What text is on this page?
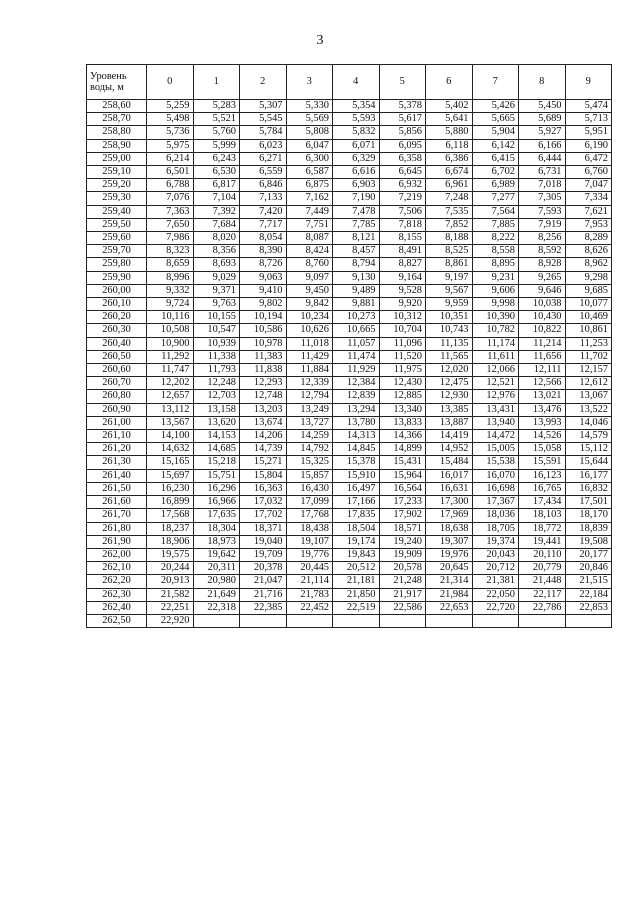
3
Уровень воды, м	0	1	2	3	4	5	6	7	8	9
258,60	5,259	5,283	5,307	5,330	5,354	5,378	5,402	5,426	5,450	5,474
258,70	5,498	5,521	5,545	5,569	5,593	5,617	5,641	5,665	5,689	5,713
258,80	5,736	5,760	5,784	5,808	5,832	5,856	5,880	5,904	5,927	5,951
258,90	5,975	5,999	6,023	6,047	6,071	6,095	6,118	6,142	6,166	6,190
259,00	6,214	6,243	6,271	6,300	6,329	6,358	6,386	6,415	6,444	6,472
259,10	6,501	6,530	6,559	6,587	6,616	6,645	6,674	6,702	6,731	6,760
259,20	6,788	6,817	6,846	6,875	6,903	6,932	6,961	6,989	7,018	7,047
259,30	7,076	7,104	7,133	7,162	7,190	7,219	7,248	7,277	7,305	7,334
259,40	7,363	7,392	7,420	7,449	7,478	7,506	7,535	7,564	7,593	7,621
259,50	7,650	7,684	7,717	7,751	7,785	7,818	7,852	7,885	7,919	7,953
259,60	7,986	8,020	8,054	8,087	8,121	8,155	8,188	8,222	8,256	8,289
259,70	8,323	8,356	8,390	8,424	8,457	8,491	8,525	8,558	8,592	8,626
259,80	8,659	8,693	8,726	8,760	8,794	8,827	8,861	8,895	8,928	8,962
259,90	8,996	9,029	9,063	9,097	9,130	9,164	9,197	9,231	9,265	9,298
260,00	9,332	9,371	9,410	9,450	9,489	9,528	9,567	9,606	9,646	9,685
260,10	9,724	9,763	9,802	9,842	9,881	9,920	9,959	9,998	10,038	10,077
260,20	10,116	10,155	10,194	10,234	10,273	10,312	10,351	10,390	10,430	10,469
260,30	10,508	10,547	10,586	10,626	10,665	10,704	10,743	10,782	10,822	10,861
260,40	10,900	10,939	10,978	11,018	11,057	11,096	11,135	11,174	11,214	11,253
260,50	11,292	11,338	11,383	11,429	11,474	11,520	11,565	11,611	11,656	11,702
260,60	11,747	11,793	11,838	11,884	11,929	11,975	12,020	12,066	12,111	12,157
260,70	12,202	12,248	12,293	12,339	12,384	12,430	12,475	12,521	12,566	12,612
260,80	12,657	12,703	12,748	12,794	12,839	12,885	12,930	12,976	13,021	13,067
260,90	13,112	13,158	13,203	13,249	13,294	13,340	13,385	13,431	13,476	13,522
261,00	13,567	13,620	13,674	13,727	13,780	13,833	13,887	13,940	13,993	14,046
261,10	14,100	14,153	14,206	14,259	14,313	14,366	14,419	14,472	14,526	14,579
261,20	14,632	14,685	14,739	14,792	14,845	14,899	14,952	15,005	15,058	15,112
261,30	15,165	15,218	15,271	15,325	15,378	15,431	15,484	15,538	15,591	15,644
261,40	15,697	15,751	15,804	15,857	15,910	15,964	16,017	16,070	16,123	16,177
261,50	16,230	16,296	16,363	16,430	16,497	16,564	16,631	16,698	16,765	16,832
261,60	16,899	16,966	17,032	17,099	17,166	17,233	17,300	17,367	17,434	17,501
261,70	17,568	17,635	17,702	17,768	17,835	17,902	17,969	18,036	18,103	18,170
261,80	18,237	18,304	18,371	18,438	18,504	18,571	18,638	18,705	18,772	18,839
261,90	18,906	18,973	19,040	19,107	19,174	19,240	19,307	19,374	19,441	19,508
262,00	19,575	19,642	19,709	19,776	19,843	19,909	19,976	20,043	20,110	20,177
262,10	20,244	20,311	20,378	20,445	20,512	20,578	20,645	20,712	20,779	20,846
262,20	20,913	20,980	21,047	21,114	21,181	21,248	21,314	21,381	21,448	21,515
262,30	21,582	21,649	21,716	21,783	21,850	21,917	21,984	22,050	22,117	22,184
262,40	22,251	22,318	22,385	22,452	22,519	22,586	22,653	22,720	22,786	22,853
262,50	22,920									
